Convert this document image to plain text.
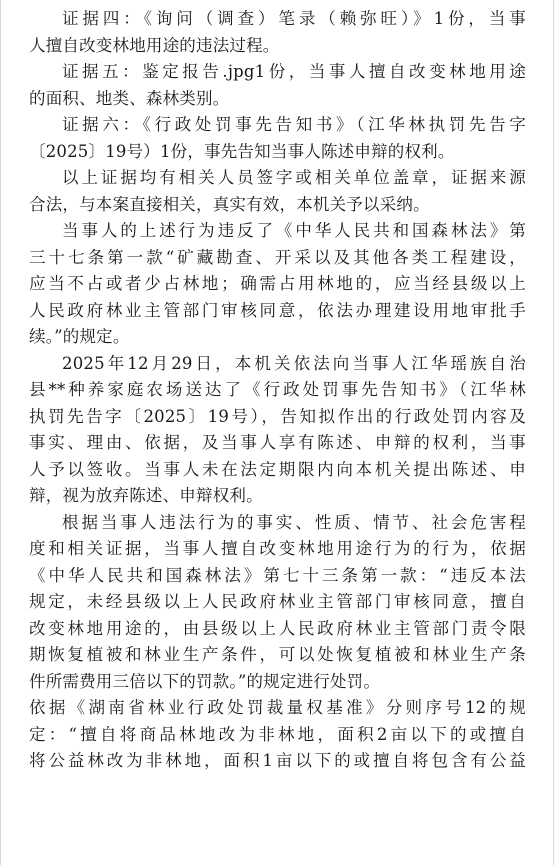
证据四：《询问（调查）笔录（赖弥旺）》1份，当事
人擅自改变林地用途的违法过程。
证据五：鉴定报告.jpg1份，当事人擅自改变林地用途
的面积、地类、森林类别。
证据六：《行政处罚事先告知书》（江华林执罚先告字
〔2025〕19号）1份，事先告知当事人陈述申辩的权利。
以上证据均有相关人员签字或相关单位盖章，证据来源
合法，与本案直接相关，真实有效，本机关予以采纳。
当事人的上述行为违反了《中华人民共和国森林法》第
三十七条第一款“矿藏勘查、开采以及其他各类工程建设，
应当不占或者少占林地；确需占用林地的，应当经县级以上
人民政府林业主管部门审核同意，依法办理建设用地审批手
续。”的规定。
2025年12月29日，本机关依法向当事人江华瑶族自治
县**种养家庭农场送达了《行政处罚事先告知书》（江华林
执罚先告字〔2025〕19号），告知拟作出的行政处罚内容及
事实、理由、依据，及当事人享有陈述、申辩的权利，当事
人予以签收。当事人未在法定期限内向本机关提出陈述、申
辩，视为放弃陈述、申辩权利。
根据当事人违法行为的事实、性质、情节、社会危害程
度和相关证据，当事人擅自改变林地用途行为的行为，依据
《中华人民共和国森林法》第七十三条第一款：“违反本法
规定，未经县级以上人民政府林业主管部门审核同意，擅自
改变林地用途的，由县级以上人民政府林业主管部门责令限
期恢复植被和林业生产条件，可以处恢复植被和林业生产条
件所需费用三倍以下的罚款。”的规定进行处罚。
依据《湖南省林业行政处罚裁量权基准》分则序号12的规
定：“擅自将商品林地改为非林地，面积2亩以下的或擅自
将公益林改为非林地，面积1亩以下的或擅自将包含有公益
